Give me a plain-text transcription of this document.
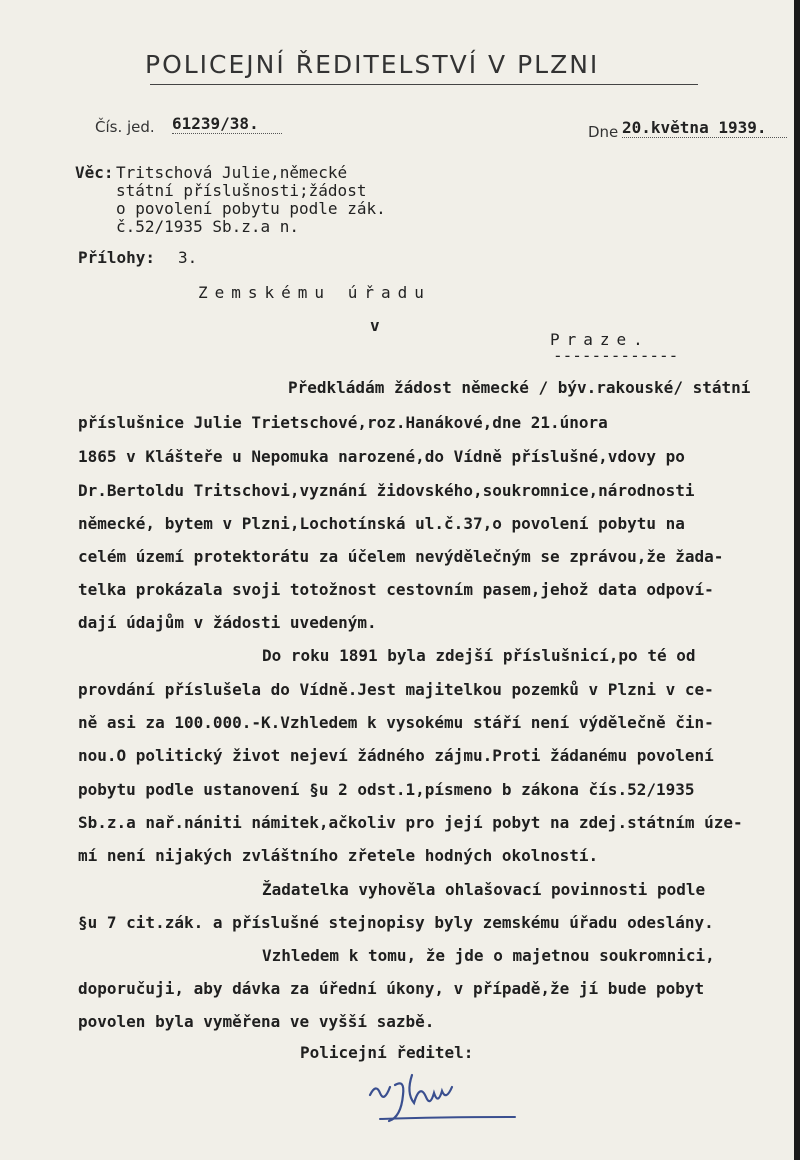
POLICEJNÍ ŘEDITELSTVÍ V PLZNI
Čís. jed. 61239/38.	Dne 20.května 1939.
Věc: Tritschová Julie,německé
státní příslušnosti;žádost
o povolení pobytu podle zák.
č.52/1935 Sb.z.a n.
Přílohy: 3.
Zemskému úřadu
v
Praze.
-------------
Předkládám žádost německé / býv.rakouské/ státní
příslušnice Julie Trietschové,roz.Hanákové,dne 21.února
1865 v Klášteře u Nepomuka narozené,do Vídně příslušné,vdovy po
Dr.Bertoldu Tritschovi,vyznání židovského,soukromnice,národnosti
německé, bytem v Plzni,Lochotínská ul.č.37,o povolení pobytu na
celém území protektorátu za účelem nevýdělečným se zprávou,že žada-
telka prokázala svoji totožnost cestovním pasem,jehož data odpoví-
dají údajům v žádosti uvedeným.
Do roku 1891 byla zdejší příslušnicí,po té od
provdání příslušela do Vídně.Jest majitelkou pozemků v Plzni v ce-
ně asi za 100.000.-K.Vzhledem k vysokému stáří není výdělečně čin-
nou.O politický život nejeví žádného zájmu.Proti žádanému povolení
pobytu podle ustanovení §u 2 odst.1,písmeno b zákona čís.52/1935
Sb.z.a nař.nániti námitek,ačkoliv pro její pobyt na zdej.státním úze-
mí není nijakých zvláštního zřetele hodných okolností.
Žadatelka vyhověla ohlašovací povinnosti podle
§u 7 cit.zák. a příslušné stejnopisy byly zemskému úřadu odeslány.
Vzhledem k tomu, že jde o majetnou soukromnici,
doporučuji, aby dávka za úřední úkony, v případě,že jí bude pobyt
povolen byla vyměřena ve vyšší sazbě.
Policejní ředitel:
